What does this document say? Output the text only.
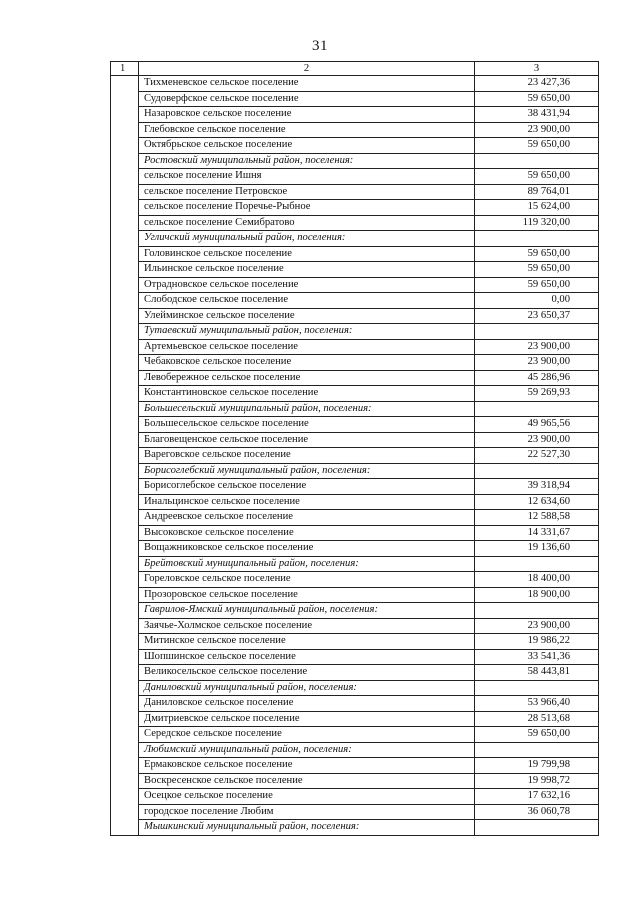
31
1	2	3
	Тихменевское сельское поселение	23 427,36
	Судоверфское сельское поселение	59 650,00
	Назаровское сельское поселение	38 431,94
	Глебовское сельское поселение	23 900,00
	Октябрьское сельское поселение	59 650,00
	Ростовский муниципальный район, поселения:	
	сельское поселение Ишня	59 650,00
	сельское поселение Петровское	89 764,01
	сельское поселение Поречье-Рыбное	15 624,00
	сельское поселение Семибратово	119 320,00
	Угличский муниципальный район, поселения:	
	Головинское сельское поселение	59 650,00
	Ильинское сельское поселение	59 650,00
	Отрадновское сельское поселение	59 650,00
	Слободское сельское поселение	0,00
	Улейминское сельское поселение	23 650,37
	Тутаевский муниципальный район, поселения:	
	Артемьевское сельское поселение	23 900,00
	Чебаковское сельское поселение	23 900,00
	Левобережное сельское поселение	45 286,96
	Константиновское сельское поселение	59 269,93
	Большесельский муниципальный район, поселения:	
	Большесельское сельское поселение	49 965,56
	Благовещенское сельское поселение	23 900,00
	Вареговское сельское поселение	22 527,30
	Борисоглебский муниципальный район, поселения:	
	Борисоглебское сельское поселение	39 318,94
	Инальцинское сельское поселение	12 634,60
	Андреевское сельское поселение	12 588,58
	Высоковское сельское поселение	14 331,67
	Вощажниковское сельское поселение	19 136,60
	Брейтовский муниципальный район, поселения:	
	Гореловское сельское поселение	18 400,00
	Прозоровское сельское поселение	18 900,00
	Гаврилов-Ямский муниципальный район, поселения:	
	Заячье-Холмское сельское поселение	23 900,00
	Митинское сельское поселение	19 986,22
	Шопшинское сельское поселение	33 541,36
	Великосельское сельское поселение	58 443,81
	Даниловский муниципальный район, поселения:	
	Даниловское сельское поселение	53 966,40
	Дмитриевское сельское поселение	28 513,68
	Середское сельское поселение	59 650,00
	Любимский муниципальный район, поселения:	
	Ермаковское сельское поселение	19 799,98
	Воскресенское сельское поселение	19 998,72
	Осецкое сельское поселение	17 632,16
	городское поселение Любим	36 060,78
	Мышкинский муниципальный район, поселения:	
